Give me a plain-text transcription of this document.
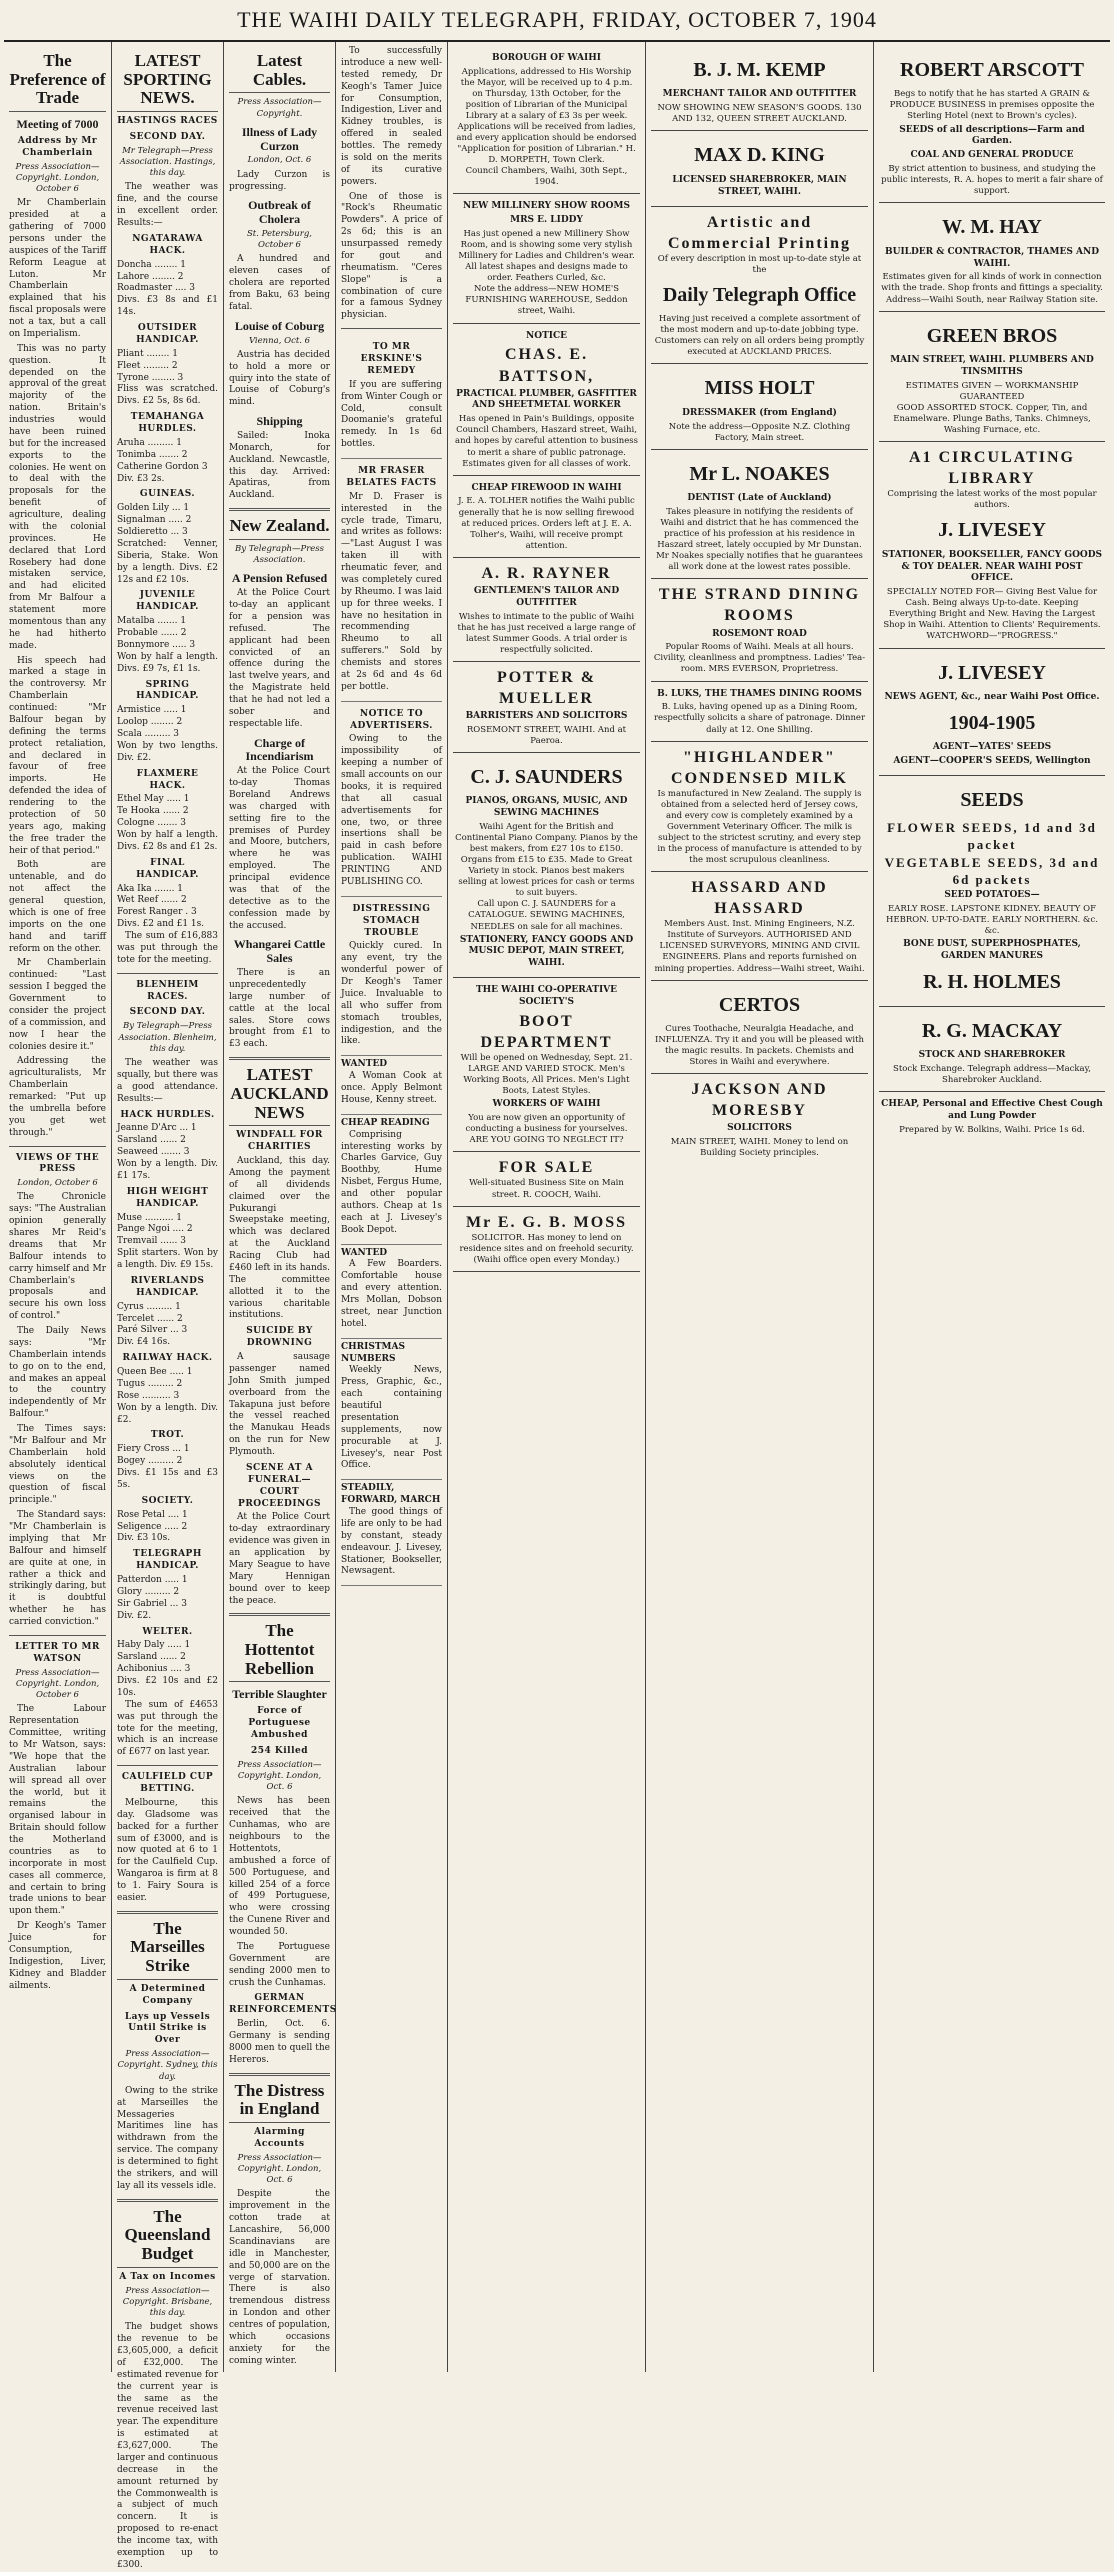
THE WAIHI DAILY TELEGRAPH, FRIDAY, OCTOBER 7, 1904
The Preference of Trade
Meeting of 7000
Address by Mr Chamberlain
Press Association—Copyright. London, October 6

Mr Chamberlain presided at a gathering of 7000 persons under the auspices of the Tariff Reform League at Luton. Mr Chamberlain explained that his fiscal proposals were not a tax, but a call on Imperialism.

This was no party question. It depended on the approval of the great majority of the nation. Britain's industries would have been ruined but for the increased exports to the colonies. He went on to deal with the proposals for the benefit of agriculture, dealing with the colonial provinces. He declared that Lord Rosebery had done mistaken service, and had elicited from Mr Balfour a statement more momentous than any he had hitherto made.

His speech had marked a stage in the controversy. Mr Chamberlain continued: "Mr Balfour began by defining the terms protect retaliation, and declared in favour of free imports. He defended the idea of rendering to the protection of 50 years ago, making the free trader the heir of that period."

Both are untenable, and do not affect the general question, which is one of free imports on the one hand and tariff reform on the other.

Mr Chamberlain continued: "Last session I begged the Government to consider the project of a commission, and now I hear the colonies desire it."

Addressing the agriculturalists, Mr Chamberlain remarked: "Put up the umbrella before you get wet through."

VIEWS OF THE PRESS
London, October 6

The Chronicle says: "The Australian opinion generally shares Mr Reid's dreams that Mr Balfour intends to carry himself and Mr Chamberlain's proposals and secure his own loss of control."

The Daily News says: "Mr Chamberlain intends to go on to the end, and makes an appeal to the country independently of Mr Balfour."

The Times says: "Mr Balfour and Mr Chamberlain hold absolutely identical views on the question of fiscal principle."

The Standard says: "Mr Chamberlain is implying that Mr Balfour and himself are quite at one, in rather a thick and strikingly daring, but it is doubtful whether he has carried conviction."

LETTER TO MR WATSON
Press Association—Copyright. London, October 6

The Labour Representation Committee, writing to Mr Watson, says: "We hope that the Australian labour will spread all over the world, but it remains the organised labour in Britain should follow the Motherland countries as to incorporate in most cases all commerce, and certain to bring trade unions to bear upon them."

Dr Keogh's Tamer Juice for Consumption, Indigestion, Liver, Kidney and Bladder ailments.

LATEST SPORTING NEWS.
HASTINGS RACES
SECOND DAY.
Mr Telegraph—Press Association. Hastings, this day.

The weather was fine, and the course in excellent order. Results:—

NGATARAWA HACK.

Doncha ........ 1

Lahore ........ 2

Roadmaster .... 3

Divs. £3 8s and £1 14s.

OUTSIDER HANDICAP.

Pliant ........ 1

Fleet ......... 2

Tyrone ........ 3

Fliss was scratched. Divs. £2 5s, 8s 6d.

TEMAHANGA HURDLES.

Aruha ......... 1

Tonimba ....... 2

Catherine Gordon 3

Div. £3 2s.

GUINEAS.

Golden Lily ... 1

Signalman ..... 2

Soldieretto ... 3

Scratched: Venner, Siberia, Stake. Won by a length. Divs. £2 12s and £2 10s.

JUVENILE HANDICAP.

Matalba ....... 1

Probable ...... 2

Bonnymore ..... 3

Won by half a length. Divs. £9 7s, £1 1s.

SPRING HANDICAP.

Armistice ..... 1

Loolop ........ 2

Scala ......... 3

Won by two lengths. Div. £2.

FLAXMERE HACK.

Ethel May ..... 1

Te Hooka ...... 2

Cologne ....... 3

Won by half a length. Divs. £2 8s and £1 2s.

FINAL HANDICAP.

Aka Ika ....... 1

Wet Reef ...... 2

Forest Ranger . 3

Divs. £2 and £1 1s.

The sum of £16,883 was put through the tote for the meeting.

BLENHEIM RACES.
SECOND DAY.
By Telegraph—Press Association. Blenheim, this day.

The weather was squally, but there was a good attendance. Results:—

HACK HURDLES.

Jeanne D'Arc ... 1

Sarsland ...... 2

Seaweed ....... 3

Won by a length. Div. £1 17s.

HIGH WEIGHT HANDICAP.

Muse .......... 1

Pange Ngoi .... 2

Tremvail ...... 3

Split starters. Won by a length. Div. £9 15s.

RIVERLANDS HANDICAP.

Cyrus ......... 1

Tercelet ...... 2

Paré Silver ... 3

Div. £4 16s.

RAILWAY HACK.

Queen Bee ..... 1

Tugus ......... 2

Rose .......... 3

Won by a length. Div. £2.

TROT.

Fiery Cross ... 1

Bogey ......... 2

Divs. £1 15s and £3 5s.

SOCIETY.

Rose Petal .... 1

Seligence ..... 2

Div. £3 10s.

TELEGRAPH HANDICAP.

Patterdon ..... 1

Glory ......... 2

Sir Gabriel ... 3

Div. £2.

WELTER.

Haby Daly ..... 1

Sarsland ...... 2

Achibonius .... 3

Divs. £2 10s and £2 10s.

The sum of £4653 was put through the tote for the meeting, which is an increase of £677 on last year.

CAULFIELD CUP BETTING.

Melbourne, this day. Gladsome was backed for a further sum of £3000, and is now quoted at 6 to 1 for the Caulfield Cup. Wangaroa is firm at 8 to 1. Fairy Soura is easier.

The Marseilles Strike
A Determined Company
Lays up Vessels Until Strike is Over
Press Association—Copyright. Sydney, this day.

Owing to the strike at Marseilles the Messageries Maritimes line has withdrawn from the service. The company is determined to fight the strikers, and will lay all its vessels idle.

The Queensland Budget
A Tax on Incomes
Press Association—Copyright. Brisbane, this day.

The budget shows the revenue to be £3,605,000, a deficit of £32,000. The estimated revenue for the current year is the same as the revenue received last year. The expenditure is estimated at £3,627,000. The larger and continuous decrease in the amount returned by the Commonwealth is a subject of much concern. It is proposed to re-enact the income tax, with exemption up to £300.

Latest Cables.
Press Association—Copyright.
Illness of Lady Curzon
London, Oct. 6

Lady Curzon is progressing.

Outbreak of Cholera
St. Petersburg, October 6

A hundred and eleven cases of cholera are reported from Baku, 63 being fatal.

Louise of Coburg
Vienna, Oct. 6

Austria has decided to hold a more or quiry into the state of Louise of Coburg's mind.

Shipping

Sailed: Inoka Monarch, for Auckland. Newcastle, this day. Arrived: Apatiras, from Auckland.

New Zealand.
By Telegraph—Press Association.
A Pension Refused

At the Police Court to-day an applicant for a pension was refused. The applicant had been convicted of an offence during the last twelve years, and the Magistrate held that he had not led a sober and respectable life.

Charge of Incendiarism

At the Police Court to-day Thomas Boreland Andrews was charged with setting fire to the premises of Purdey and Moore, butchers, where he was employed. The principal evidence was that of the detective as to the confession made by the accused.

Whangarei Cattle Sales

There is an unprecedentedly large number of cattle at the local sales. Store cows brought from £1 to £3 each.

LATEST AUCKLAND NEWS
WINDFALL FOR CHARITIES

Auckland, this day. Among the payment of all dividends claimed over the Pukurangi Sweepstake meeting, which was declared at the Auckland Racing Club had £460 left in its hands. The committee allotted it to the various charitable institutions.

SUICIDE BY DROWNING

A sausage passenger named John Smith jumped overboard from the Takapuna just before the vessel reached the Manukau Heads on the run for New Plymouth.

SCENE AT A FUNERAL—COURT PROCEEDINGS

At the Police Court to-day extraordinary evidence was given in an application by Mary Seague to have Mary Hennigan bound over to keep the peace.

The Hottentot Rebellion
Terrible Slaughter
Force of Portuguese Ambushed
254 Killed
Press Association—Copyright. London, Oct. 6

News has been received that the Cunhamas, who are neighbours to the Hottentots, ambushed a force of 500 Portuguese, and killed 254 of a force of 499 Portuguese, who were crossing the Cunene River and wounded 50.

The Portuguese Government are sending 2000 men to crush the Cunhamas.

GERMAN REINFORCEMENTS

Berlin, Oct. 6. Germany is sending 8000 men to quell the Hereros.

The Distress in England
Alarming Accounts
Press Association—Copyright. London, Oct. 6

Despite the improvement in the cotton trade at Lancashire, 56,000 Scandinavians are idle in Manchester, and 50,000 are on the verge of starvation. There is also tremendous distress in London and other centres of population, which occasions anxiety for the coming winter.

To successfully introduce a new well-tested remedy, Dr Keogh's Tamer Juice for Consumption, Indigestion, Liver and Kidney troubles, is offered in sealed bottles. The remedy is sold on the merits of its curative powers.

One of those is "Rock's Rheumatic Powders". A price of 2s 6d; this is an unsurpassed remedy for gout and rheumatism. "Ceres Slope" is a combination of cure for a famous Sydney physician.

TO MR ERSKINE'S REMEDY

If you are suffering from Winter Cough or Cold, consult Doomanie's grateful remedy. In 1s 6d bottles.

MR FRASER BELATES FACTS

Mr D. Fraser is interested in the cycle trade, Timaru, and writes as follows:—"Last August I was taken ill with rheumatic fever, and was completely cured by Rheumo. I was laid up for three weeks. I have no hesitation in recommending Rheumo to all sufferers." Sold by chemists and stores at 2s 6d and 4s 6d per bottle.

NOTICE TO ADVERTISERS.

Owing to the impossibility of keeping a number of small accounts on our books, it is required that all casual advertisements for one, two, or three insertions shall be paid in cash before publication. WAIHI PRINTING AND PUBLISHING CO.

DISTRESSING STOMACH TROUBLE

Quickly cured. In any event, try the wonderful power of Dr Keogh's Tamer Juice. Invaluable to all who suffer from stomach troubles, indigestion, and the like.

WANTED

A Woman Cook at once. Apply Belmont House, Kenny street.

CHEAP READING

Comprising interesting works by Charles Garvice, Guy Boothby, Hume Nisbet, Fergus Hume, and other popular authors. Cheap at 1s each at J. Livesey's Book Depot.

WANTED

A Few Boarders. Comfortable house and every attention. Mrs Mollan, Dobson street, near Junction hotel.

CHRISTMAS NUMBERS

Weekly News, Press, Graphic, &c., each containing beautiful presentation supplements, now procurable at J. Livesey's, near Post Office.

STEADILY, FORWARD, MARCH

The good things of life are only to be had by constant, steady endeavour. J. Livesey, Stationer, Bookseller, Newsagent.

BOROUGH OF WAIHI
Applications, addressed to His Worship the Mayor, will be received up to 4 p.m. on Thursday, 13th October, for the position of Librarian of the Municipal Library at a salary of £3 3s per week. Applications will be received from ladies, and every application should be endorsed "Application for position of Librarian." H. D. MORPETH, Town Clerk.
Council Chambers, Waihi, 30th Sept., 1904.
NEW MILLINERY SHOW ROOMS
MRS E. LIDDY
Has just opened a new Millinery Show Room, and is showing some very stylish Millinery for Ladies and Children's wear. All latest shapes and designs made to order. Feathers Curled, &c.
Note the address—NEW HOME'S FURNISHING WAREHOUSE, Seddon street, Waihi.
NOTICE
CHAS. E. BATTSON,
PRACTICAL PLUMBER, GASFITTER AND SHEETMETAL WORKER
Has opened in Pain's Buildings, opposite Council Chambers, Haszard street, Waihi, and hopes by careful attention to business to merit a share of public patronage. Estimates given for all classes of work.
CHEAP FIREWOOD IN WAIHI
J. E. A. TOLHER notifies the Waihi public generally that he is now selling firewood at reduced prices. Orders left at J. E. A. Tolher's, Waihi, will receive prompt attention.
A. R. RAYNER
GENTLEMEN'S TAILOR AND OUTFITTER
Wishes to intimate to the public of Waihi that he has just received a large range of latest Summer Goods. A trial order is respectfully solicited.
POTTER & MUELLER
BARRISTERS AND SOLICITORS
ROSEMONT STREET, WAIHI. And at Paeroa.
C. J. SAUNDERS
PIANOS, ORGANS, MUSIC, AND SEWING MACHINES
Waihi Agent for the British and Continental Piano Company. Pianos by the best makers, from £27 10s to £150. Organs from £15 to £35. Made to Great Variety in stock. Pianos best makers selling at lowest prices for cash or terms to suit buyers.
Call upon C. J. SAUNDERS for a CATALOGUE. SEWING MACHINES, NEEDLES on sale for all machines.
STATIONERY, FANCY GOODS AND MUSIC DEPOT, MAIN STREET, WAIHI.
THE WAIHI CO-OPERATIVE SOCIETY'S
BOOT DEPARTMENT
Will be opened on Wednesday, Sept. 21. LARGE AND VARIED STOCK. Men's Working Boots, All Prices. Men's Light Boots, Latest Styles.
WORKERS OF WAIHI
You are now given an opportunity of conducting a business for yourselves. ARE YOU GOING TO NEGLECT IT?
FOR SALE
Well-situated Business Site on Main street. R. COOCH, Waihi.
Mr E. G. B. MOSS
SOLICITOR. Has money to lend on residence sites and on freehold security. (Waihi office open every Monday.)
B. J. M. KEMP
MERCHANT TAILOR AND OUTFITTER
NOW SHOWING NEW SEASON'S GOODS. 130 AND 132, QUEEN STREET AUCKLAND.
MAX D. KING
LICENSED SHAREBROKER, MAIN STREET, WAIHI.
Artistic and Commercial Printing
Of every description in most up-to-date style at the
Daily Telegraph Office
Having just received a complete assortment of the most modern and up-to-date jobbing type. Customers can rely on all orders being promptly executed at AUCKLAND PRICES.
MISS HOLT
DRESSMAKER (from England)
Note the address—Opposite N.Z. Clothing Factory, Main street.
Mr L. NOAKES
DENTIST (Late of Auckland)
Takes pleasure in notifying the residents of Waihi and district that he has commenced the practice of his profession at his residence in Haszard street, lately occupied by Mr Dunstan. Mr Noakes specially notifies that he guarantees all work done at the lowest rates possible.
THE STRAND DINING ROOMS
ROSEMONT ROAD
Popular Rooms of Waihi. Meals at all hours. Civility, cleanliness and promptness. Ladies' Tea-room. MRS EVERSON, Proprietress.
B. LUKS, THE THAMES DINING ROOMS
B. Luks, having opened up as a Dining Room, respectfully solicits a share of patronage. Dinner daily at 12. One Shilling.
"HIGHLANDER" CONDENSED MILK
Is manufactured in New Zealand. The supply is obtained from a selected herd of Jersey cows, and every cow is completely examined by a Government Veterinary Officer. The milk is subject to the strictest scrutiny, and every step in the process of manufacture is attended to by the most scrupulous cleanliness.
HASSARD AND HASSARD
Members Aust. Inst. Mining Engineers, N.Z. Institute of Surveyors. AUTHORISED AND LICENSED SURVEYORS, MINING AND CIVIL ENGINEERS. Plans and reports furnished on mining properties. Address—Waihi street, Waihi.
CERTOS
Cures Toothache, Neuralgia Headache, and INFLUENZA. Try it and you will be pleased with the magic results. In packets. Chemists and Stores in Waihi and everywhere.
JACKSON AND MORESBY
SOLICITORS
MAIN STREET, WAIHI. Money to lend on Building Society principles.
ROBERT ARSCOTT
Begs to notify that he has started A GRAIN & PRODUCE BUSINESS in premises opposite the Sterling Hotel (next to Brown's cycles).
SEEDS of all descriptions—Farm and Garden.
COAL AND GENERAL PRODUCE
By strict attention to business, and studying the public interests, R. A. hopes to merit a fair share of support.
W. M. HAY
BUILDER & CONTRACTOR, THAMES AND WAIHI.
Estimates given for all kinds of work in connection with the trade. Shop fronts and fittings a speciality. Address—Waihi South, near Railway Station site.
GREEN BROS
MAIN STREET, WAIHI. PLUMBERS AND TINSMITHS
ESTIMATES GIVEN — WORKMANSHIP GUARANTEED
GOOD ASSORTED STOCK. Copper, Tin, and Enamelware. Plunge Baths, Tanks. Chimneys, Washing Furnace, etc.
A1 CIRCULATING LIBRARY
Comprising the latest works of the most popular authors.
J. LIVESEY
STATIONER, BOOKSELLER, FANCY GOODS & TOY DEALER. NEAR WAIHI POST OFFICE.
SPECIALLY NOTED FOR— Giving Best Value for Cash. Being always Up-to-date. Keeping Everything Bright and New. Having the Largest Shop in Waihi. Attention to Clients' Requirements. WATCHWORD—"PROGRESS."
J. LIVESEY
NEWS AGENT, &c., near Waihi Post Office.
1904-1905
AGENT—YATES' SEEDS
AGENT—COOPER'S SEEDS, Wellington
SEEDS
FLOWER SEEDS, 1d and 3d packet
VEGETABLE SEEDS, 3d and 6d packets
SEED POTATOES—
EARLY ROSE. LAPSTONE KIDNEY. BEAUTY OF HEBRON. UP-TO-DATE. EARLY NORTHERN. &c. &c.
BONE DUST, SUPERPHOSPHATES, GARDEN MANURES
R. H. HOLMES
R. G. MACKAY
STOCK AND SHAREBROKER
Stock Exchange. Telegraph address—Mackay, Sharebroker Auckland.
CHEAP, Personal and Effective Chest Cough and Lung Powder
Prepared by W. Bolkins, Waihi. Price 1s 6d.
